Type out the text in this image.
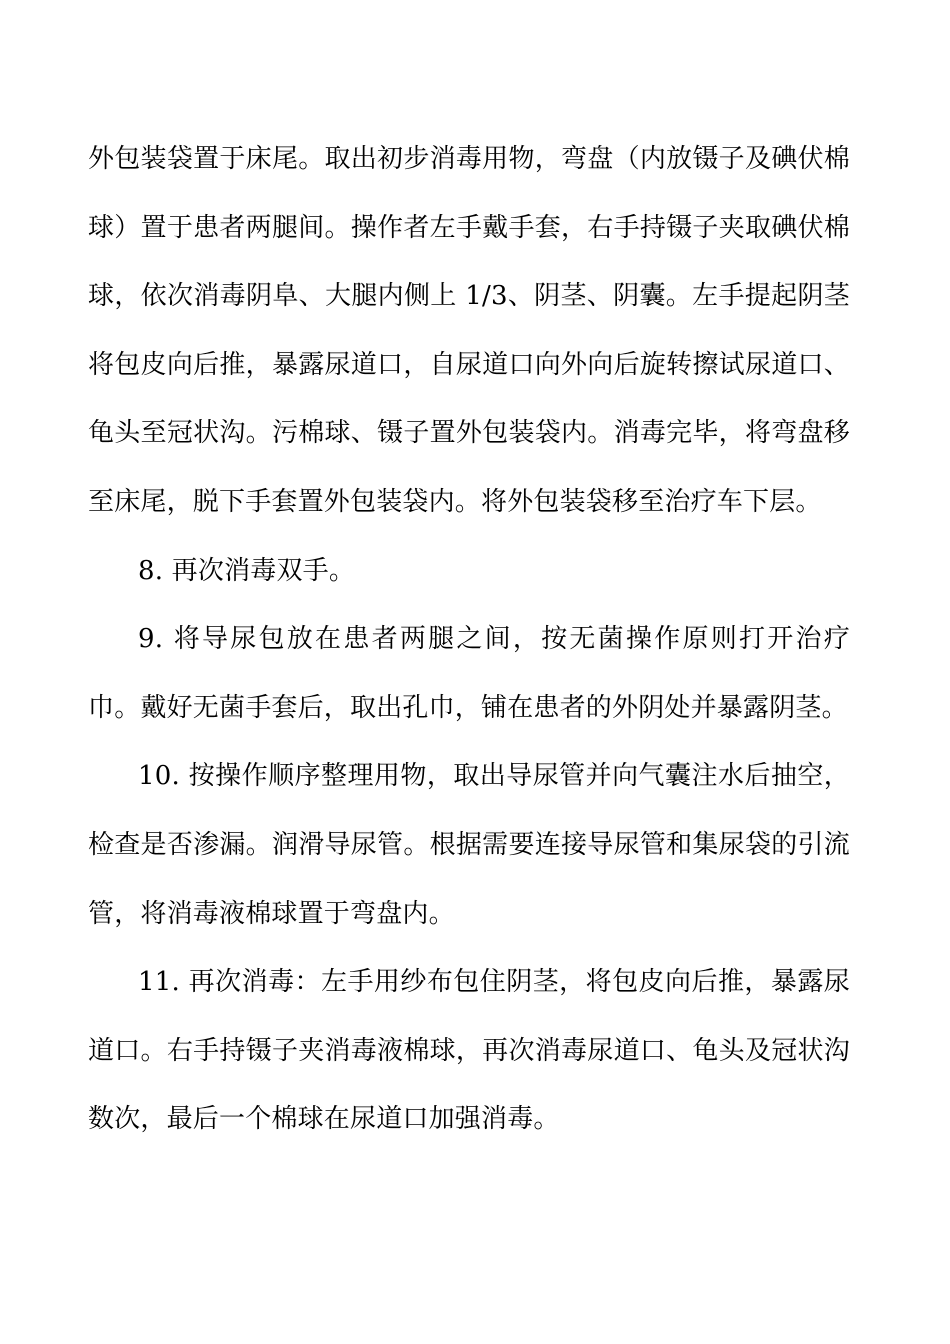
外包装袋置于床尾。取出初步消毒用物，弯盘（内放镊子及碘伏棉球）置于患者两腿间。操作者左手戴手套，右手持镊子夹取碘伏棉球，依次消毒阴阜、大腿内侧上 1/3、阴茎、阴囊。左手提起阴茎将包皮向后推，暴露尿道口，自尿道口向外向后旋转擦试尿道口、龟头至冠状沟。污棉球、镊子置外包装袋内。消毒完毕，将弯盘移至床尾，脱下手套置外包装袋内。将外包装袋移至治疗车下层。

8. 再次消毒双手。

9. 将导尿包放在患者两腿之间，按无菌操作原则打开治疗巾。戴好无菌手套后，取出孔巾，铺在患者的外阴处并暴露阴茎。

10. 按操作顺序整理用物，取出导尿管并向气囊注水后抽空，检查是否渗漏。润滑导尿管。根据需要连接导尿管和集尿袋的引流管，将消毒液棉球置于弯盘内。

11. 再次消毒：左手用纱布包住阴茎，将包皮向后推，暴露尿道口。右手持镊子夹消毒液棉球，再次消毒尿道口、龟头及冠状沟数次，最后一个棉球在尿道口加强消毒。
